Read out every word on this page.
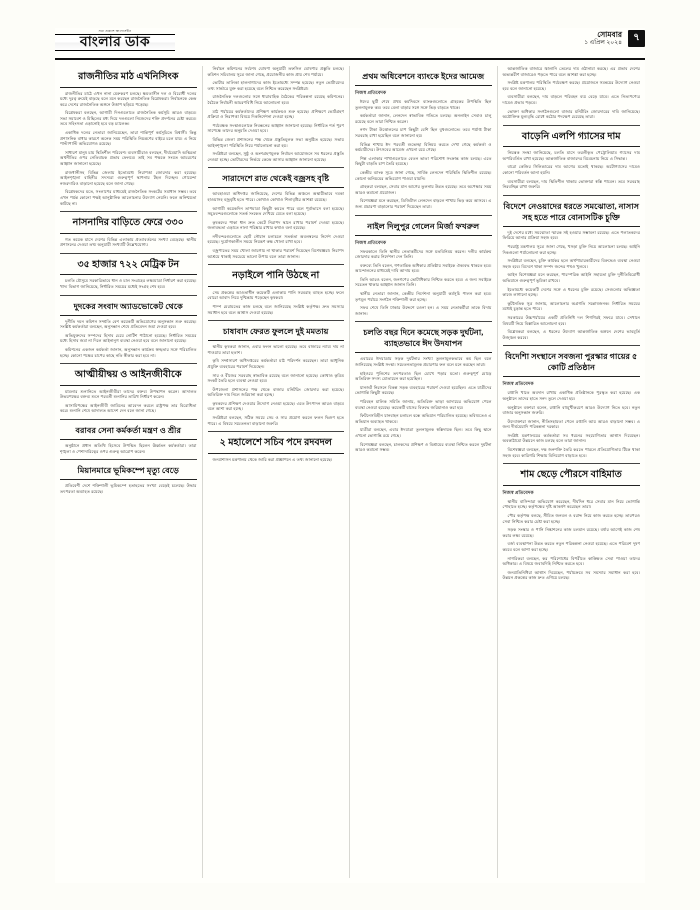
সত্য প্রকাশে আপোসহীন
বাংলার ডাক
সোমবার
১ এপ্রিল ২০২৪	৭
রাজনীতির মাঠ এখনিসিংক

রাজনীতির মাঠে এখন নানা মেরুকরণ চলছে। ক্ষমতাসীন দল ও বিরোধী দলের মধ্যে দূরত্ব ক্রমেই বাড়ছে বলে মনে করছেন রাজনৈতিক বিশ্লেষকরা। নির্বাচনকে কেন্দ্র করে দেশের রাজনৈতিক অঙ্গনে উত্তাপ ছড়িয়ে পড়েছে।

বিশ্লেষকরা বলছেন, আগামী দিনগুলোতে রাজনৈতিক কর্মসূচি আরও বাড়বে। সভা সমাবেশ ও মিছিলের মধ্য দিয়ে দলগুলো নিজেদের শক্তি প্রদর্শনের চেষ্টা করবে। তবে সহিংসতা এড়ানোই হবে বড় চ্যালেঞ্জ।

একাধিক দলের নেতারা জানিয়েছেন, তারা শান্তিপূর্ণ কর্মসূচিতে বিশ্বাসী। কিন্তু প্রশাসনিক বাধার কারণে অনেক সময় পরিস্থিতি নিয়ন্ত্রণের বাইরে চলে যায়। এ নিয়ে পাল্টাপাল্টি অভিযোগও রয়েছে।

সাধারণ মানুষ চায় স্থিতিশীল পরিবেশ। ব্যবসায়ীরাও বলছেন, দীর্ঘমেয়াদি অস্থিরতা অর্থনীতির ওপর নেতিবাচক প্রভাব ফেলবে। তাই সব পক্ষকে সংযত আচরণের আহ্বান জানানো হয়েছে।

রাজধানীসহ বিভিন্ন জেলায় ইতোমধ্যে নিরাপত্তা জোরদার করা হয়েছে। আইনশৃঙ্খলা বাহিনীর সদস্যরা গুরুত্বপূর্ণ স্থাপনায় টহল দিচ্ছেন। গোয়েন্দা নজরদারিও বাড়ানো হয়েছে বলে জানা গেছে।

বিশ্লেষকদের মতে, সংলাপের মাধ্যমেই রাজনৈতিক সংকটের সমাধান সম্ভব। তবে এখন পর্যন্ত কোনো পক্ষই আনুষ্ঠানিক আলোচনার উদ্যোগ নেয়নি। ফলে অনিশ্চয়তা কাটছে না।

নাসনাদির বাড়িতে ফেরে ৩৩০

গত কয়েক মাসে দেশের বিভিন্ন এলাকায় প্রত্যাবর্তনের সংখ্যা বেড়েছে। স্থানীয় প্রশাসনের দেওয়া তথ্য অনুযায়ী সংখ্যাটি উল্লেখযোগ্য।

৩৫ হাজার ৭২২ মেট্রিক টন

চলতি মৌসুমে সরকারিভাবে ধান ও চাল সংগ্রহের লক্ষ্যমাত্রা নির্ধারণ করা হয়েছে। খাদ্য বিভাগ জানিয়েছে, নির্ধারিত সময়ের মধ্যেই সংগ্রহ শেষ হবে।

দুদকের সংবাদ অ্যাডভোকেট থেকে

দুর্নীতি দমন কমিশন সম্প্রতি বেশ কয়েকটি অভিযোগের অনুসন্ধান শুরু করেছে। সংশ্লিষ্ট কর্মকর্তারা বলছেন, অনুসন্ধান শেষে প্রতিবেদন জমা দেওয়া হবে।

অভিযুক্তদের সম্পদের হিসাব চেয়ে নোটিশ পাঠানো হয়েছে। নির্ধারিত সময়ের মধ্যে হিসাব জমা না দিলে আইনানুগ ব্যবস্থা নেওয়া হবে বলে জানানো হয়েছে।

কমিশনের একজন কর্মকর্তা জানান, অনুসন্ধান কার্যক্রম স্বচ্ছতার সঙ্গে পরিচালিত হচ্ছে। কোনো পক্ষের চাপের কাছে নতি স্বীকার করা হবে না।

আত্মীয়ীদ্বয় ও আইনজীবীকে

মামলার শুনানিতে আইনজীবীরা তাদের বক্তব্য উপস্থাপন করেন। আদালত উভয়পক্ষের বক্তব্য শুনে পরবর্তী শুনানির তারিখ নির্ধারণ করেন।

আসামিপক্ষের আইনজীবী জামিনের আবেদন করলে রাষ্ট্রপক্ষ তার বিরোধিতা করে। শুনানি শেষে আদালত আদেশ দেন বলে জানা গেছে।

বরাবর সেনা কর্মকর্তা মন্ত্রণ ও শ্রীর

অনুষ্ঠানে প্রধান অতিথি হিসেবে উপস্থিত ছিলেন ঊর্ধ্বতন কর্মকর্তারা। তারা শৃঙ্খলা ও পেশাদারিত্বের ওপর গুরুত্ব আরোপ করেন।

মিয়ানমারে ভূমিকম্পে মৃত্যু বেড়ে

প্রতিবেশী দেশে শক্তিশালী ভূমিকম্পে হতাহতের সংখ্যা বেড়েই চলেছে। উদ্ধার তৎপরতা অব্যাহত রয়েছে।

নির্বাচন কমিশনের সর্বশেষ ঘোষণা অনুযায়ী তফসিল ঘোষণার প্রস্তুতি চলছে। কমিশন সচিবালয় সূত্রে জানা গেছে, প্রয়োজনীয় কাজ প্রায় শেষ পর্যায়ে।

ভোটার তালিকা হালনাগাদের কাজ ইতোমধ্যে সম্পন্ন হয়েছে। নতুন ভোটারদের তথ্য সার্ভারে যুক্ত করা হয়েছে বলে নিশ্চিত করেছেন সংশ্লিষ্টরা।

রাজনৈতিক দলগুলোর সঙ্গে ধারাবাহিক বৈঠকের পরিকল্পনা রয়েছে কমিশনের। বৈঠকে নির্বাচনী আচরণবিধি নিয়ে আলোচনা হবে।

মাঠ পর্যায়ের কর্মকর্তাদের প্রশিক্ষণ কার্যক্রমও শুরু হয়েছে। প্রশিক্ষণে ভোটগ্রহণ প্রক্রিয়া ও নিরাপত্তা বিষয়ে দিকনির্দেশনা দেওয়া হচ্ছে।

পর্যবেক্ষক সংস্থাগুলোকে নিবন্ধনের আহ্বান জানানো হয়েছে। নির্ধারিত শর্ত পূরণ সাপেক্ষে তাদের অনুমতি দেওয়া হবে।

বিভিন্ন জেলা প্রশাসনের পক্ষ থেকে প্রস্তুতিমূলক সভা অনুষ্ঠিত হয়েছে। সভায় আইনশৃঙ্খলা পরিস্থিতি নিয়ে পর্যালোচনা করা হয়।

সংশ্লিষ্টরা বলছেন, সুষ্ঠু ও অংশগ্রহণমূলক নির্বাচন আয়োজনে সব ধরনের প্রস্তুতি নেওয়া হচ্ছে। ভোটারদের নির্ভয়ে কেন্দ্রে আসার আহ্বান জানানো হয়েছে।

সারাদেশে রাত থেকেই বজ্রসহ বৃষ্টি

আবহাওয়া অধিদপ্তর জানিয়েছে, দেশের বিভিন্ন অঞ্চলে অস্থায়ীভাবে দমকা হাওয়াসহ বজ্রবৃষ্টি হতে পারে। কোথাও কোথাও শিলাবৃষ্টির আশঙ্কা রয়েছে।

আগামী কয়েকদিন তাপমাত্রা কিছুটা কমতে পারে বলে পূর্বাভাসে বলা হয়েছে। সমুদ্রবন্দরগুলোকে সতর্ক সংকেত দেখিয়ে যেতে বলা হয়েছে।

কৃষকদের পাকা ধান দ্রুত কেটে নিরাপদ স্থানে রাখার পরামর্শ দেওয়া হয়েছে। জলাবদ্ধতা এড়াতে নালা পরিষ্কার রাখার কথাও বলা হয়েছে।

নদীবন্দরগুলোতে ছোট নৌযান চলাচলে সতর্কতা অবলম্বনের নির্দেশ দেওয়া হয়েছে। দুর্যোগকালীন সময়ে নিয়ন্ত্রণ কক্ষ খোলা রাখা হবে।

বজ্রপাতের সময় খোলা জায়গায় না থাকার পরামর্শ দিয়েছেন বিশেষজ্ঞরা। নিরাপদ আশ্রয়ে থাকাই সবচেয়ে ভালো উপায় বলে তারা জানান।

নড়াইলে পানি উঠছে না

সেচ প্রকল্পের আওতাধীন কয়েকটি এলাকায় পানি সরবরাহ ব্যাহত হচ্ছে। ফলে বোরো আবাদ নিয়ে দুশ্চিন্তায় পড়েছেন কৃষকরা।

পাম্প মেরামতের কাজ চলছে বলে জানিয়েছে সংশ্লিষ্ট কর্তৃপক্ষ। দ্রুত সমস্যার সমাধান হবে বলে আশ্বাস দেওয়া হয়েছে।

চাষাবাদ ফেরত ফুললে দুই মমতায়

স্থানীয় কৃষকরা জানান, এবার ফলন ভালো হয়েছে। তবে বাজারে ন্যায্য দাম না পাওয়ায় তারা হতাশ।

কৃষি সম্প্রসারণ অধিদপ্তরের কর্মকর্তারা মাঠ পরিদর্শন করেছেন। তারা আধুনিক প্রযুক্তি ব্যবহারের পরামর্শ দিয়েছেন।

সার ও বীজের সরবরাহ স্বাভাবিক রয়েছে বলে জানানো হয়েছে। কোথাও কৃত্রিম সংকট তৈরি হলে ব্যবস্থা নেওয়া হবে।

উপজেলা প্রশাসনের পক্ষ থেকে বাজার মনিটরিং জোরদার করা হয়েছে। অতিরিক্ত দাম নিলে জরিমানা করা হচ্ছে।

কৃষকদের প্রশিক্ষণ দেওয়ার উদ্যোগ নেওয়া হয়েছে। এতে উৎপাদন আরও বাড়বে বলে আশা করা হচ্ছে।

সংশ্লিষ্টরা বলছেন, সঠিক সময়ে সেচ ও সার প্রয়োগ করলে ফলন দ্বিগুণ হতে পারে। এ বিষয়ে সচেতনতা বাড়ানো জরুরি।

২ মহালেশে সচিব পদে রদবদল

জনপ্রশাসন মন্ত্রণালয় থেকে জারি করা প্রজ্ঞাপনে এ তথ্য জানানো হয়েছে।

প্রথম অধিবেশনে ব্যাংকে ইদের আমেজ
নিজস্ব প্রতিবেদক

ঈদের ছুটি শেষে প্রথম কর্মদিবসে ব্যাংকগুলোতে গ্রাহকের উপস্থিতি ছিল তুলনামূলক কম। তবে বেলা বাড়ার সঙ্গে সঙ্গে ভিড় বাড়তে থাকে।

কর্মকর্তারা জানান, লেনদেন স্বাভাবিক গতিতে চলছে। অনলাইন সেবাও চালু রয়েছে বলে তারা নিশ্চিত করেন।

নগদ টাকা উত্তোলনের চাপ কিছুটা বেশি ছিল বুথগুলোতে। তবে পর্যাপ্ত টাকা সরবরাহ রাখা হয়েছিল বলে জানানো হয়।

বিভিন্ন শাখায় ঈদ পরবর্তী শুভেচ্ছা বিনিময় করতে দেখা গেছে কর্মকর্তা ও কর্মচারীদের। উৎসবের আমেজ এখনো রয়ে গেছে।

শিল্প এলাকার শাখাগুলোতে বেতন ভাতা পরিশোধ সংক্রান্ত কাজ চলছে। এতে কিছুটা বাড়তি চাপ তৈরি হয়েছে।

কেন্দ্রীয় ব্যাংক সূত্রে জানা গেছে, সার্বিক লেনদেন পরিস্থিতি স্থিতিশীল রয়েছে। কোনো অনিয়মের অভিযোগ পাওয়া যায়নি।

গ্রাহকরা বলছেন, সেবার মান আগের তুলনায় উন্নত হয়েছে। তবে অপেক্ষার সময় আরও কমানো প্রয়োজন।

বিশেষজ্ঞরা মনে করছেন, ডিজিটাল লেনদেন বাড়লে শাখায় ভিড় কমে আসবে। এ জন্য প্রচারণা বাড়ানোর পরামর্শ দিয়েছেন তারা।

নাইল দিলুপুর গেলেন মির্জা ফখরুল
নিজস্ব প্রতিবেদক

সফরকালে তিনি স্থানীয় নেতাকর্মীদের সঙ্গে মতবিনিময় করেন। দলীয় কার্যক্রম জোরদার করার নির্দেশনা দেন তিনি।

বক্তব্যে তিনি বলেন, গণতান্ত্রিক অধিকার প্রতিষ্ঠায় সবাইকে ঐক্যবদ্ধ থাকতে হবে। আন্দোলনের মাধ্যমেই দাবি আদায় হবে।

তিনি আরও বলেন, জনগণের ভোটাধিকার নিশ্চিত করতে হবে। এ জন্য সবাইকে সচেতন থাকার আহ্বান জানান তিনি।

স্থানীয় নেতারা জানান, কেন্দ্রীয় নির্দেশনা অনুযায়ী কর্মসূচি পালন করা হবে। তৃণমূল পর্যায়ে সংগঠন শক্তিশালী করা হচ্ছে।

সফর শেষে তিনি ঢাকার উদ্দেশে রওনা হন। এ সময় নেতাকর্মীরা তাকে বিদায় জানান।

চলতি বছর দিনে কমেছে সড়ক দুর্ঘটনা, ব্যাহতভাবে ঈদ উদযাপন

এবারের ঈদযাত্রায় সড়ক দুর্ঘটনার সংখ্যা তুলনামূলকভাবে কম ছিল বলে জানিয়েছে সংশ্লিষ্ট সংস্থা। সচেতনতামূলক প্রচারণার ফল বলে মনে করছেন তারা।

হাইওয়ে পুলিশের তৎপরতাও ছিল চোখে পড়ার মতো। গুরুত্বপূর্ণ মোড়ে অতিরিক্ত সদস্য মোতায়েন করা হয়েছিল।

যানজট নিরসনে বিকল্প সড়ক ব্যবহারের পরামর্শ দেওয়া হয়েছিল। এতে যাত্রীদের ভোগান্তি কিছুটা কমেছে।

পরিবহন মালিক সমিতি জানায়, অতিরিক্ত ভাড়া আদায়ের অভিযোগ পেলে ব্যবস্থা নেওয়া হয়েছে। কয়েকটি বাসের বিরুদ্ধে জরিমানাও করা হয়।

ফিটনেসবিহীন যানবাহন চলাচল বন্ধে অভিযান পরিচালিত হয়েছে। ভবিষ্যতেও এ অভিযান অব্যাহত থাকবে।

যাত্রীরা বলছেন, এবার ঈদযাত্রা তুলনামূলক স্বস্তিদায়ক ছিল। তবে কিছু স্থানে এখনো ভোগান্তি রয়ে গেছে।

বিশেষজ্ঞরা বলছেন, চালকদের প্রশিক্ষণ ও বিশ্রামের ব্যবস্থা নিশ্চিত করলে দুর্ঘটনা আরও কমানো সম্ভব।

আন্তর্জাতিক বাজারে জ্বালানি তেলের দাম ওঠানামা করছে। এর প্রভাব দেশের অভ্যন্তরীণ বাজারেও পড়তে পারে বলে আশঙ্কা করা হচ্ছে।

সংশ্লিষ্ট মন্ত্রণালয় পরিস্থিতি পর্যবেক্ষণ করছে। প্রয়োজনে সমন্বয়ের উদ্যোগ নেওয়া হবে বলে জানানো হয়েছে।

ব্যবসায়ীরা বলছেন, দাম বাড়লে পরিবহন ব্যয় বেড়ে যাবে। এতে নিত্যপণ্যের দামেও প্রভাব পড়বে।

ভোক্তা অধিকার সংগঠনগুলো বাজার মনিটরিং জোরদারের দাবি জানিয়েছে। অযৌক্তিক মূল্যবৃদ্ধি রোধে কঠোর পদক্ষেপ চেয়েছে তারা।

বাড়েনি এলপি গ্যাসের দাম

নিয়ন্ত্রক সংস্থা জানিয়েছে, চলতি মাসে তরলীকৃত পেট্রোলিয়াম গ্যাসের দাম অপরিবর্তিত রাখা হয়েছে। আন্তর্জাতিক বাজারদর বিবেচনায় নিয়ে এ সিদ্ধান্ত।

বারো কেজির সিলিন্ডারের দাম আগের মতোই থাকছে। অটোগ্যাসের দামেও কোনো পরিবর্তন আনা হয়নি।

ব্যবসায়ীরা বলছেন, দাম স্থিতিশীল থাকায় ভোক্তারা স্বস্তি পাবেন। তবে সরবরাহ নিরবচ্ছিন্ন রাখা জরুরি।

বিদেশে নেওয়াদের ধরতে সমঝোতা, নাসাস সহ হতে পারে বোনাসটিক চুক্তি

দুই দেশের মধ্যে সমঝোতা স্মারক সই হওয়ার সম্ভাবনা রয়েছে। এতে পলাতকদের ফিরিয়ে আনার প্রক্রিয়া সহজ হবে।

পররাষ্ট্র মন্ত্রণালয় সূত্রে জানা গেছে, খসড়া চুক্তি নিয়ে আলোচনা চলছে। আইনি দিকগুলো পর্যালোচনা করা হচ্ছে।

সংশ্লিষ্টরা বলছেন, চুক্তি কার্যকর হলে অর্থপাচারকারীদের বিরুদ্ধেও ব্যবস্থা নেওয়া সহজ হবে। বিদেশে থাকা সম্পদ জব্দের পথও খুলবে।

আইন বিশেষজ্ঞরা মনে করছেন, পারস্পরিক আইনি সহায়তা চুক্তি দুর্নীতিবিরোধী অভিযানে গুরুত্বপূর্ণ ভূমিকা রাখবে।

ইতোমধ্যে কয়েকটি দেশের সঙ্গে এ ধরনের চুক্তি রয়েছে। সেগুলোর অভিজ্ঞতা কাজে লাগানো হচ্ছে।

কূটনৈতিক সূত্র জানায়, আলোচনার অগ্রগতি সন্তোষজনক। নির্ধারিত সময়ের মধ্যেই চূড়ান্ত হতে পারে।

সরকারের উচ্চপর্যায়ের একটি প্রতিনিধি দল শিগগিরই সফরে যাবে। সেখানে বিষয়টি নিয়ে বিস্তারিত আলোচনা হবে।

বিশ্লেষকরা বলছেন, এ ধরনের উদ্যোগ আন্তর্জাতিক অঙ্গনে দেশের ভাবমূর্তি উজ্জ্বল করবে।

বিদেশিা সংস্থানে সবজনা পুরস্কার গায়ের ৫ কোটি প্রতিষ্ঠান
নিজস্ব প্রতিবেদক

রপ্তানি খাতে অবদান রাখায় একাধিক প্রতিষ্ঠানকে পুরস্কৃত করা হয়েছে। এক অনুষ্ঠানে তাদের হাতে সনদ তুলে দেওয়া হয়।

অনুষ্ঠানে বক্তারা বলেন, রপ্তানি বহুমুখীকরণে আরও উদ্যোগ নিতে হবে। নতুন বাজার অনুসন্ধান জরুরি।

উদ্যোক্তারা জানান, নীতিসহায়তা পেলে রপ্তানি আয় আরও বাড়ানো সম্ভব। এ জন্য দীর্ঘমেয়াদি পরিকল্পনা দরকার।

সংশ্লিষ্ট মন্ত্রণালয়ের কর্মকর্তারা সব ধরনের সহযোগিতার আশ্বাস দিয়েছেন। অবকাঠামো উন্নয়নে কাজ চলছে বলে তারা জানান।

বিশেষজ্ঞরা বলছেন, দক্ষ জনশক্তি তৈরি করতে পারলে প্রতিযোগিতায় টিকে থাকা সহজ হবে। কারিগরি শিক্ষায় বিনিয়োগ বাড়াতে হবে।

শাম ছেড়ে পৌরসে বাহিমাত
নিজস্ব প্রতিবেদক

স্থানীয় বাসিন্দারা অভিযোগ করেছেন, দীর্ঘদিন ধরে সেবার মান নিয়ে ভোগান্তি পোহাতে হচ্ছে। কর্তৃপক্ষের দৃষ্টি আকর্ষণ করেছেন তারা।

পৌর কর্তৃপক্ষ বলছে, সীমিত জনবল ও বরাদ্দ নিয়ে কাজ করতে হচ্ছে। তারপরও সেবা নিশ্চিত করার চেষ্টা করা হচ্ছে।

সড়ক সংস্কার ও পানি নিষ্কাশনের কাজ চলমান রয়েছে। বর্ষার আগেই কাজ শেষ করার লক্ষ্য রয়েছে।

বর্জ্য ব্যবস্থাপনা উন্নত করতে নতুন পরিকল্পনা নেওয়া হয়েছে। এতে পরিবেশ দূষণ কমবে বলে আশা করা হচ্ছে।

নাগরিকরা বলছেন, কর পরিশোধের বিপরীতে কাঙ্ক্ষিত সেবা পাওয়া তাদের অধিকার। এ বিষয়ে জবাবদিহি নিশ্চিত করতে হবে।

জনপ্রতিনিধিরা আশ্বাস দিয়েছেন, পর্যায়ক্রমে সব সমস্যার সমাধান করা হবে। উন্নয়ন প্রকল্পের কাজ দ্রুত এগিয়ে চলছে।
